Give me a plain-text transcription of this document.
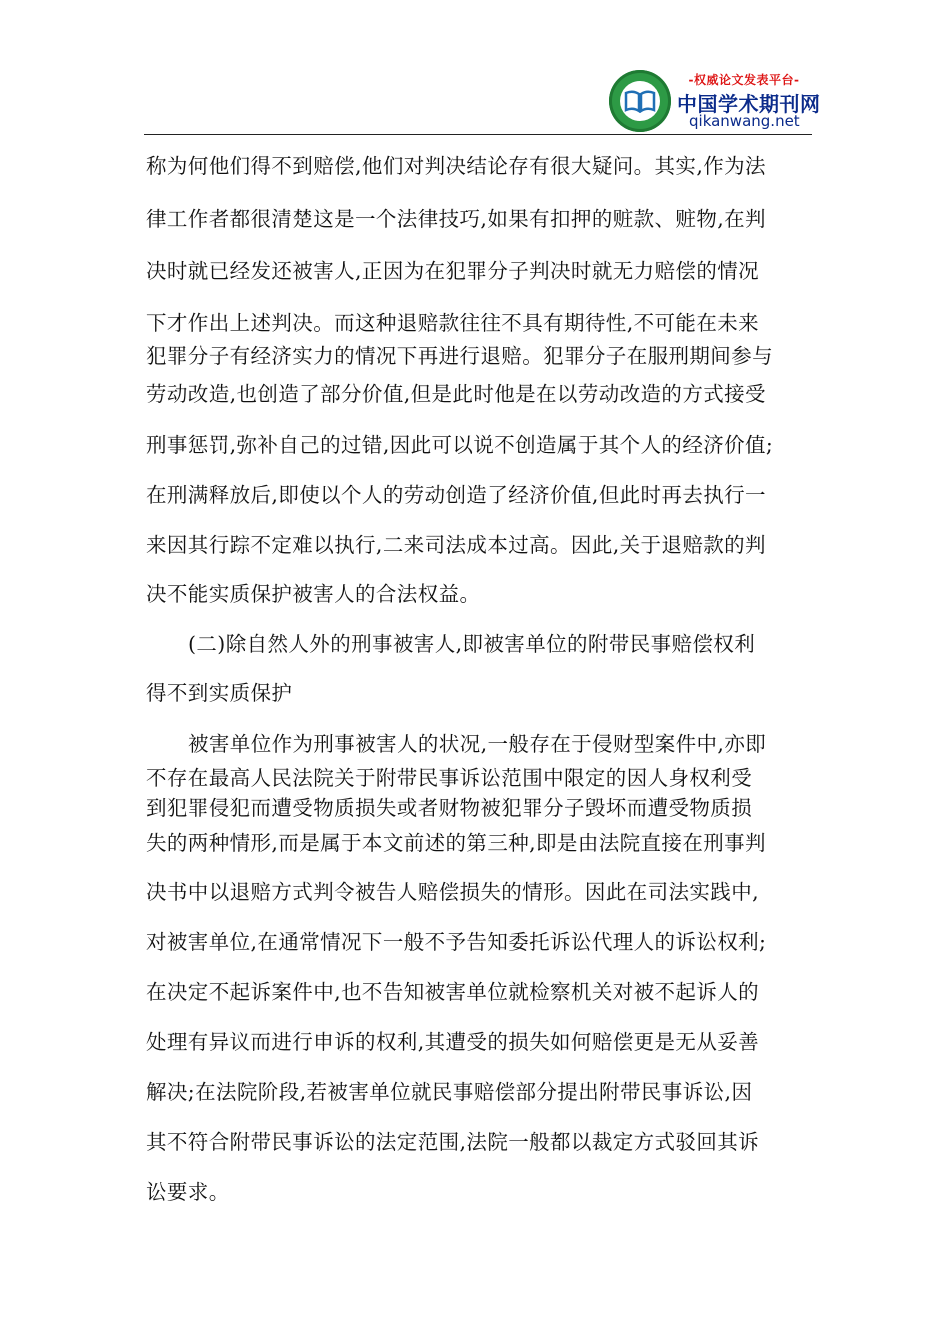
-权威论文发表平台-
中国学术期刊网
qikanwang.net
称为何他们得不到赔偿,他们对判决结论存有很大疑问。其实,作为法
律工作者都很清楚这是一个法律技巧,如果有扣押的赃款、赃物,在判
决时就已经发还被害人,正因为在犯罪分子判决时就无力赔偿的情况
下才作出上述判决。而这种退赔款往往不具有期待性,不可能在未来
犯罪分子有经济实力的情况下再进行退赔。犯罪分子在服刑期间参与
劳动改造,也创造了部分价值,但是此时他是在以劳动改造的方式接受
刑事惩罚,弥补自己的过错,因此可以说不创造属于其个人的经济价值;
在刑满释放后,即使以个人的劳动创造了经济价值,但此时再去执行一
来因其行踪不定难以执行,二来司法成本过高。因此,关于退赔款的判
决不能实质保护被害人的合法权益。
(二)除自然人外的刑事被害人,即被害单位的附带民事赔偿权利
得不到实质保护
被害单位作为刑事被害人的状况,一般存在于侵财型案件中,亦即
不存在最高人民法院关于附带民事诉讼范围中限定的因人身权利受
到犯罪侵犯而遭受物质损失或者财物被犯罪分子毁坏而遭受物质损
失的两种情形,而是属于本文前述的第三种,即是由法院直接在刑事判
决书中以退赔方式判令被告人赔偿损失的情形。因此在司法实践中,
对被害单位,在通常情况下一般不予告知委托诉讼代理人的诉讼权利;
在决定不起诉案件中,也不告知被害单位就检察机关对被不起诉人的
处理有异议而进行申诉的权利,其遭受的损失如何赔偿更是无从妥善
解决;在法院阶段,若被害单位就民事赔偿部分提出附带民事诉讼,因
其不符合附带民事诉讼的法定范围,法院一般都以裁定方式驳回其诉
讼要求。
